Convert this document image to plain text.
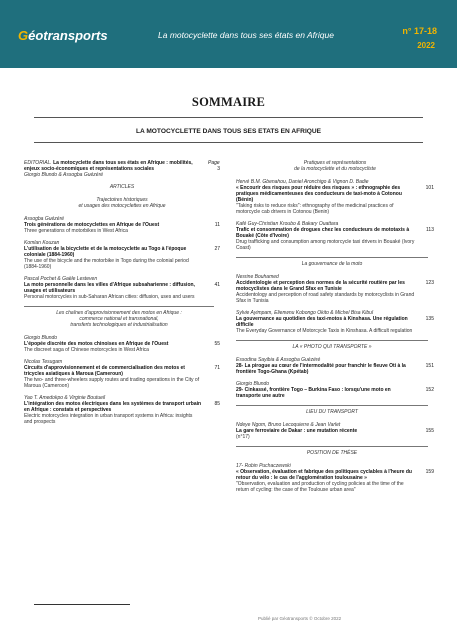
Géotransports	La motocyclette dans tous ses états en Afrique	n° 17-18
2022
SOMMAIRE
LA MOTOCYCLETTE DANS TOUS SES ETATS EN AFRIQUE
Page
EDITORIAL. La motocyclette dans tous ses états en Afrique : mobilités, enjeux socio-économiques et représentations sociales
Giorgio Blundo & Assogba Guézéré
3
ARTICLES
Trajectoires historiques
et usages des motocyclettes en Afrique
Assogba Guézéré
Trois générations de motocyclettes en Afrique de l'Ouest
Three generations of motorbikes in West Africa
11
Komlan Kouzan
L'utilisation de la bicyclette et de la motocyclette au Togo à l'époque coloniale (1884-1960)
The use of the bicycle and the motorbike in Togo during the colonial period (1884-1960)
27
Pascal Pochet & Gaële Lesteven
La moto personnelle dans les villes d'Afrique subsaharienne : diffusion, usages et utilisateurs
Personal motorcycles in sub-Saharan African cities: diffusion, uses and users
41
Les chaînes d'approvisionnement des motos en Afrique :
commerce national et transnational,
transferts technologiques et industrialisation
Giorgio Blundo
L'épopée discrète des motos chinoises en Afrique de l'Ouest
The discreet saga of Chinese motorcycles in West Africa
55
Nicolas Tesugam
Circuits d'approvisionnement et de commercialisation des motos et tricycles asiatiques à Maroua (Cameroun)
The two- and three-wheelers supply routes and trading operations in the City of Maroua (Cameroon)
71
Yao T. Amedokpo & Virginie Boutueil
L'intégration des motos électriques dans les systèmes de transport urbain en Afrique : constats et perspectives
Electric motorcycles integration in urban transport systems in Africa: insights and prospects
85
Pratiques et représentations
de la motocyclette et du motocycliste
Hervé B.M. Gbenahou, Daniel Aronchigo & Vignon D. Badie
« Encourir des risques pour réduire des risques » : ethnographie des pratiques médicamenteuses des conducteurs de taxi-moto à Cotonou (Bénin)
"Taking risks to reduce risks": ethnography of the medicinal practices of motorcycle cab drivers in Cotonou (Benin)
101
Kafé Guy-Christian Kroubo & Bakary Ouattara
Trafic et consommation de drogues chez les conducteurs de mototaxis à Bouaké (Côte d'Ivoire)
Drug trafficking and consumption among motorcycle taxi drivers in Bouaké (Ivory Coast)
113
La gouvernance de la moto
Nesrine Bouhamed
Accidentologie et perception des normes de la sécurité routière par les motocyclistes dans le Grand Sfax en Tunisie
Accidentology and perception of road safety standards by motorcyclists in Grand Sfax in Tunisia
123
Sylvie Ayimpam, Elienwnu Kobongo Okito & Michel Bisa Kibul
La gouvernance au quotidien des taxi-motos à Kinshasa. Une régulation difficile
The Everyday Governance of Motorcycle Taxis in Kinshasa. A difficult regulation
135
LA « PHOTO QUI TRANSPORTE »
Essodina Sayibia & Assogba Guézéré
28- La pirogue au cœur de l'intermodalité pour franchir le fleuve Oti à la frontière Togo-Ghana (Kpétab)
151
Giorgio Blundo
29- Cinkassé, frontière Togo – Burkina Faso : lorsqu'une moto en transporte une autre
152
LIEU DU TRANSPORT
Ndeye Ngom, Bruno Lecoquierre & Jean Varlet
La gare ferroviaire de Dakar : une mutation récente
(n°17)
155
POSITION DE THÈSE
17- Robin Puchaczewski
« Observation, évaluation et fabrique des politiques cyclables à l'heure du retour du vélo : le cas de l'agglomération toulousaine »
"Observation, evaluation and production of cycling policies at the time of the return of cycling: the case of the Toulouse urban area"
159
Publié par Géotransports © Octobre 2022
